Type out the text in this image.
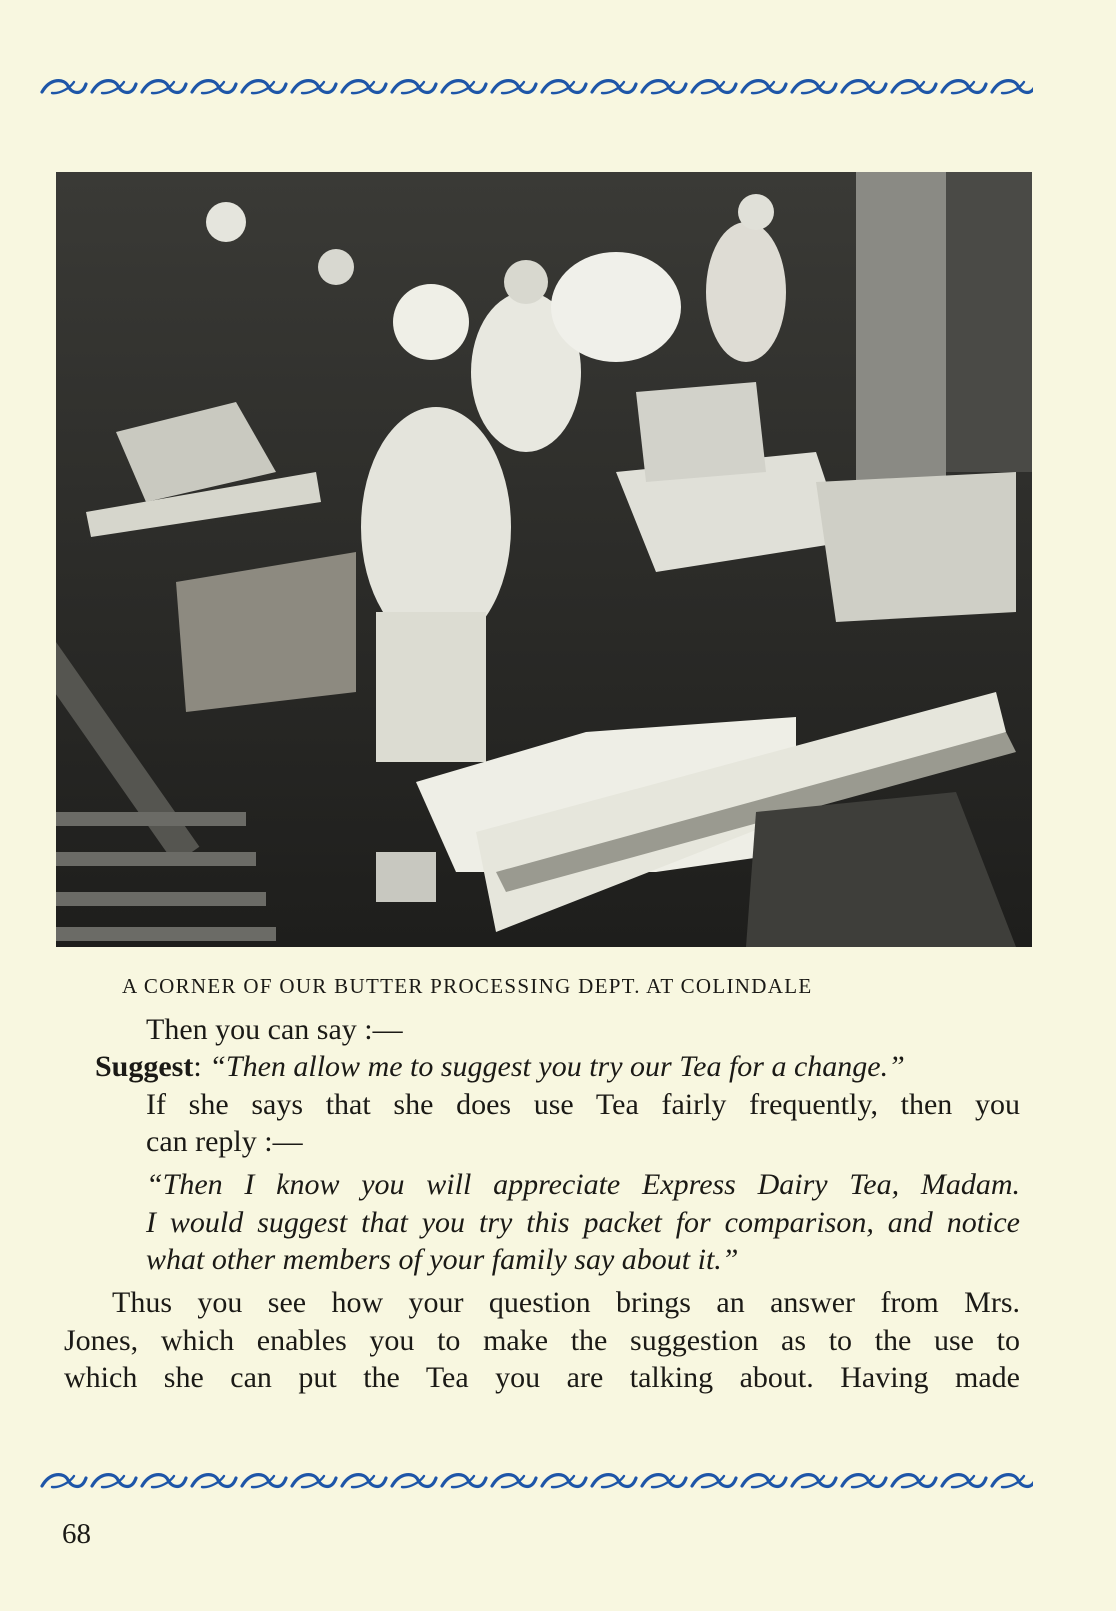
A CORNER OF OUR BUTTER PROCESSING DEPT. AT COLINDALE
Then you can say :—
Suggest: “Then allow me to suggest you try our Tea for a change.”
If she says that she does use Tea fairly frequently, then you
can reply :—
“Then I know you will appreciate Express Dairy Tea, Madam.
I would suggest that you try this packet for comparison, and notice
what other members of your family say about it.”
Thus you see how your question brings an answer from Mrs.
Jones, which enables you to make the suggestion as to the use to
which she can put the Tea you are talking about. Having made
68
